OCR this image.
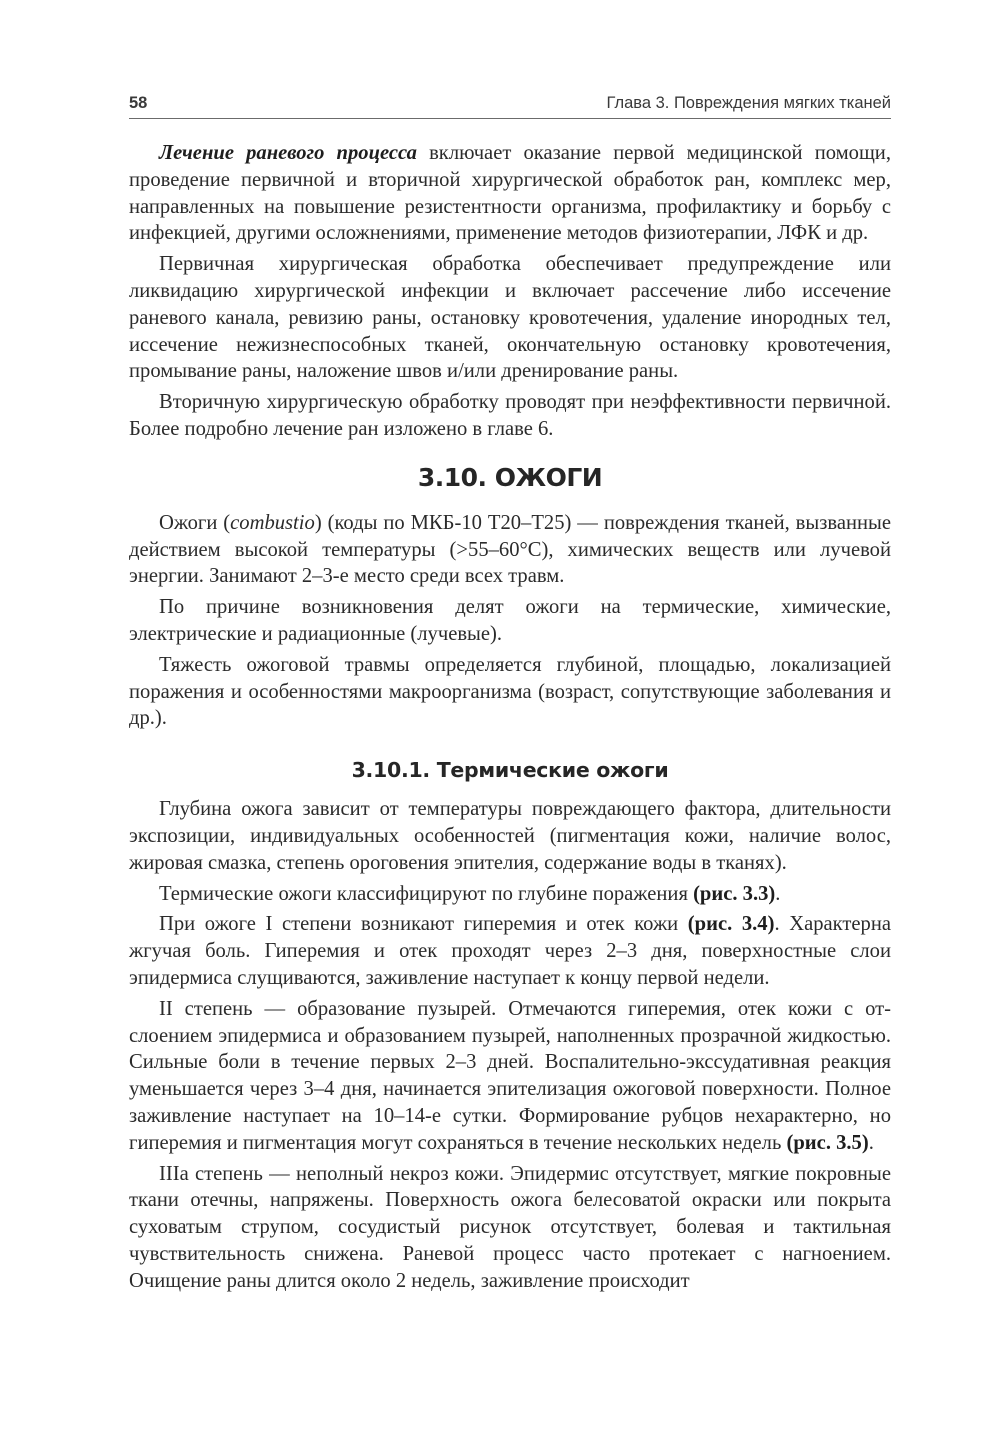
58	Глава 3. Повреждения мягких тканей

Лечение раневого процесса включает оказание первой медицинской помощи, проведение первичной и вторичной хирургической обработок ран, комплекс мер, направленных на повышение резистентности организма, профилактику и борьбу с инфекцией, другими осложнениями, применение методов физиотерапии, ЛФК и др.

Первичная хирургическая обработка обеспечивает предупреждение или ликвидацию хирургической инфекции и включает рассечение либо иссечение раневого канала, ревизию раны, остановку кровотечения, удаление инородных тел, иссечение нежизнеспособных тканей, окончательную остановку кровотечения, промывание раны, наложение швов и/или дренирование раны.

Вторичную хирургическую обработку проводят при неэффективности первичной. Более подробно лечение ран изложено в главе 6.

3.10. ОЖОГИ

Ожоги (combustio) (коды по МКБ-10 Т20–Т25) — повреждения тканей, вызванные действием высокой температуры (>55–60°С), химических веществ или лучевой энергии. Занимают 2–3-е место среди всех травм.

По причине возникновения делят ожоги на термические, химические, электрические и радиационные (лучевые).

Тяжесть ожоговой травмы определяется глубиной, площадью, локализацией поражения и особенностями макроорганизма (возраст, сопутствующие заболевания и др.).

3.10.1. Термические ожоги

Глубина ожога зависит от температуры повреждающего фактора, длительности экспозиции, индивидуальных особенностей (пигментация кожи, наличие волос, жировая смазка, степень ороговения эпителия, содержание воды в тканях).

Термические ожоги классифицируют по глубине поражения (рис. 3.3).

При ожоге I степени возникают гиперемия и отек кожи (рис. 3.4). Характерна жгучая боль. Гиперемия и отек проходят через 2–3 дня, поверхностные слои эпидермиса слущиваются, заживление наступает к концу первой недели.

II степень — образование пузырей. Отмечаются гиперемия, отек кожи с отслоением эпидермиса и образованием пузырей, наполненных прозрачной жидкостью. Сильные боли в течение первых 2–3 дней. Воспалительно-экссудативная реакция уменьшается через 3–4 дня, начинается эпителизация ожоговой поверхности. Полное заживление наступает на 10–14-е сутки. Формирование рубцов нехарактерно, но гиперемия и пигментация могут сохраняться в течение нескольких недель (рис. 3.5).

IIIа степень — неполный некроз кожи. Эпидермис отсутствует, мягкие покровные ткани отечны, напряжены. Поверхность ожога белесоватой окраски или покрыта суховатым струпом, сосудистый рисунок отсутствует, болевая и тактильная чувствительность снижена. Раневой процесс часто протекает с нагноением. Очищение раны длится около 2 недель, заживление происходит
